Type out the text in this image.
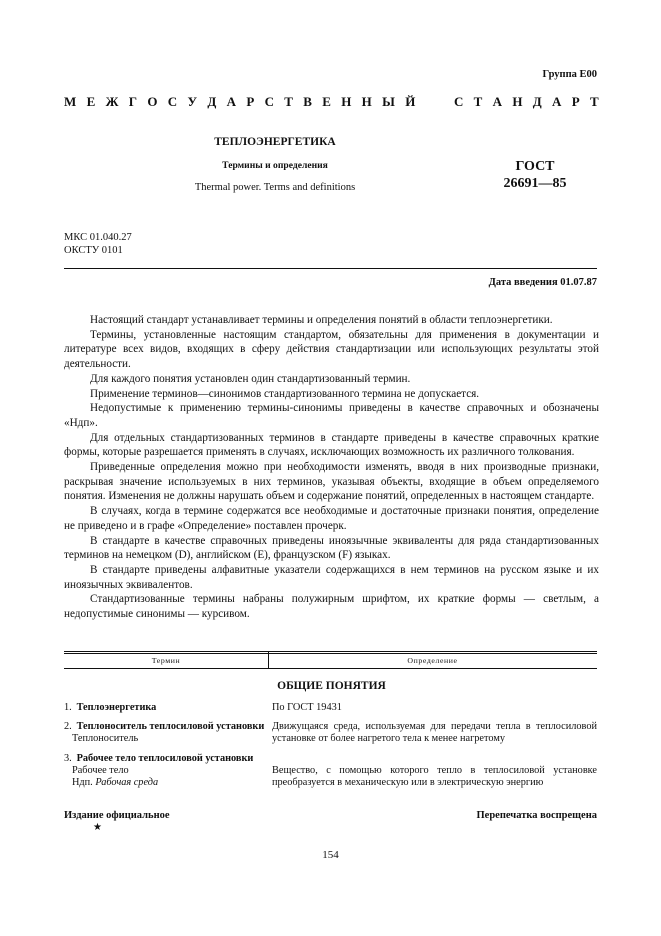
Группа Е00
М Е Ж Г О С У Д А Р С Т В Е Н Н Ы Й	С Т А Н Д А Р Т
ТЕПЛОЭНЕРГЕТИКА
Термины и определения
Thermal power. Terms and definitions
ГОСТ
26691—85
МКС 01.040.27
ОКСТУ 0101
Дата введения 01.07.87

Настоящий стандарт устанавливает термины и определения понятий в области теплоэнергетики.

Термины, установленные настоящим стандартом, обязательны для применения в документации и литературе всех видов, входящих в сферу действия стандартизации или использующих результаты этой деятельности.

Для каждого понятия установлен один стандартизованный термин.

Применение терминов—синонимов стандартизованного термина не допускается.

Недопустимые к применению термины-синонимы приведены в качестве справочных и обозначены «Ндп».

Для отдельных стандартизованных терминов в стандарте приведены в качестве справочных краткие формы, которые разрешается применять в случаях, исключающих возможность их различного толкования.

Приведенные определения можно при необходимости изменять, вводя в них производные признаки, раскрывая значение используемых в них терминов, указывая объекты, входящие в объем определяемого понятия. Изменения не должны нарушать объем и содержание понятий, определенных в настоящем стандарте.

В случаях, когда в термине содержатся все необходимые и достаточные признаки понятия, определение не приведено и в графе «Определение» поставлен прочерк.

В стандарте в качестве справочных приведены иноязычные эквиваленты для ряда стандартизованных терминов на немецком (D), английском (E), французском (F) языках.

В стандарте приведены алфавитные указатели содержащихся в нем терминов на русском языке и их иноязычных эквивалентов.

Стандартизованные термины набраны полужирным шрифтом, их краткие формы — светлым, а недопустимые синонимы — курсивом.

Термин	Определение
ОБЩИЕ ПОНЯТИЯ
1. Теплоэнергетика
2. Теплоноситель теплосиловой установки
Теплоноситель
3. Рабочее тело теплосиловой установки
Рабочее тело
Ндп. Рабочая среда
По ГОСТ 19431
Движущаяся среда, используемая для передачи тепла в теплосиловой установке от более нагретого тела к менее нагретому
Вещество, с помощью которого тепло в теплосиловой установке преобразуется в механическую или в электрическую энергию
Издание официальное
★
Перепечатка воспрещена
154
